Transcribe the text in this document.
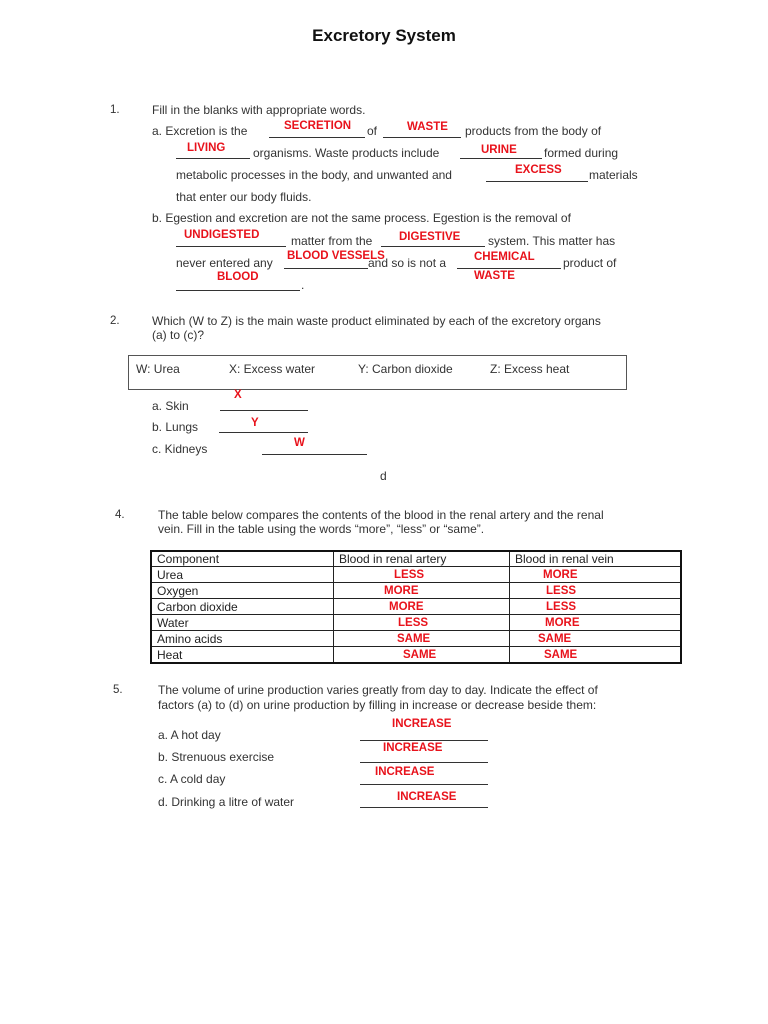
Excretory System
1.	Fill in the blanks with appropriate words.
a. Excretion is the	SECRETION of	WASTE products from the body of
LIVING organisms. Waste products include	URINE formed during
metabolic processes in the body, and unwanted and	EXCESS materials
that enter our body fluids.
b. Egestion and excretion are not the same process. Egestion is the removal of
UNDIGESTED	matter from the DIGESTIVE system. This matter has
never entered any BLOOD VESSELS
and so is not a CHEMICAL product of
BLOOD
.
WASTE
2.	Which (W to Z) is the main waste product eliminated by each of the excretory organs
(a) to (c)?
W: Urea	X: Excess water	Y: Carbon dioxide	Z: Excess heat
a. Skin
X
b. Lungs	Y
c. Kidneys	W
d
4.	The table below compares the contents of the blood in the renal artery and the renal
vein. Fill in the table using the words “more”, “less” or “same”.
Component	Blood in renal artery	Blood in renal vein
Urea	LESS	MORE
Oxygen	MORE	LESS
Carbon dioxide	MORE	LESS
Water	LESS	MORE
Amino acids	SAME	SAME
Heat	SAME	SAME
5.	The volume of urine production varies greatly from day to day. Indicate the effect of
factors (a) to (d) on urine production by filling in increase or decrease beside them:
a. A hot day
INCREASE
b. Strenuous exercise
INCREASE
c. A cold day	INCREASE
d. Drinking a litre of water	INCREASE
